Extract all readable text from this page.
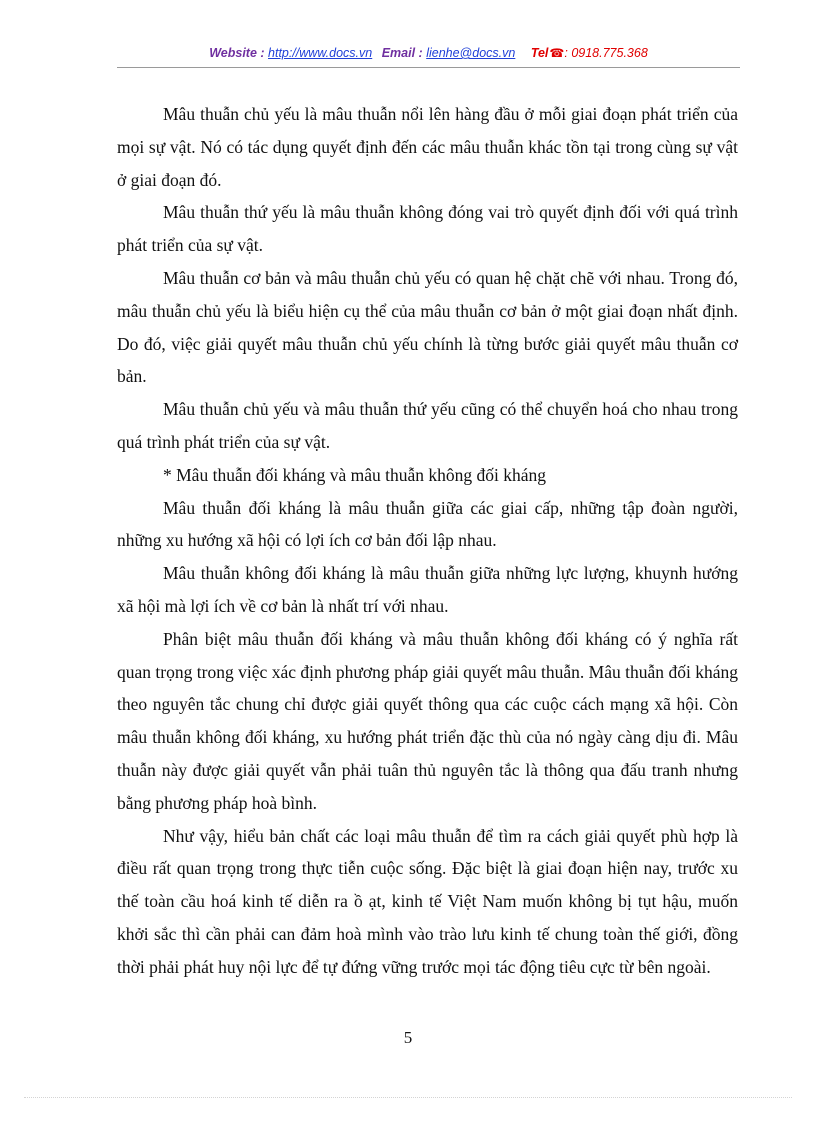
Website : http://www.docs.vn Email : lienhe@docs.vn Tel☎: 0918.775.368

Mâu thuẫn chủ yếu là mâu thuẫn nổi lên hàng đầu ở mỗi giai đoạn phát triển của mọi sự vật. Nó có tác dụng quyết định đến các mâu thuẫn khác tồn tại trong cùng sự vật ở giai đoạn đó.

Mâu thuẫn thứ yếu là mâu thuẫn không đóng vai trò quyết định đối với quá trình phát triển của sự vật.

Mâu thuẫn cơ bản và mâu thuẫn chủ yếu có quan hệ chặt chẽ với nhau. Trong đó, mâu thuẫn chủ yếu là biểu hiện cụ thể của mâu thuẫn cơ bản ở một giai đoạn nhất định. Do đó, việc giải quyết mâu thuẫn chủ yếu chính là từng bước giải quyết mâu thuẫn cơ bản.

Mâu thuẫn chủ yếu và mâu thuẫn thứ yếu cũng có thể chuyển hoá cho nhau trong quá trình phát triển của sự vật.

* Mâu thuẫn đối kháng và mâu thuẫn không đối kháng

Mâu thuẫn đối kháng là mâu thuẫn giữa các giai cấp, những tập đoàn người, những xu hướng xã hội có lợi ích cơ bản đối lập nhau.

Mâu thuẫn không đối kháng là mâu thuẫn giữa những lực lượng, khuynh hướng xã hội mà lợi ích về cơ bản là nhất trí với nhau.

Phân biệt mâu thuẫn đối kháng và mâu thuẫn không đối kháng có ý nghĩa rất quan trọng trong việc xác định phương pháp giải quyết mâu thuẫn. Mâu thuẫn đối kháng theo nguyên tắc chung chỉ được giải quyết thông qua các cuộc cách mạng xã hội. Còn mâu thuẫn không đối kháng, xu hướng phát triển đặc thù của nó ngày càng dịu đi. Mâu thuẫn này được giải quyết vẫn phải tuân thủ nguyên tắc là thông qua đấu tranh nhưng bằng phương pháp hoà bình.

Như vậy, hiểu bản chất các loại mâu thuẫn để tìm ra cách giải quyết phù hợp là điều rất quan trọng trong thực tiễn cuộc sống. Đặc biệt là giai đoạn hiện nay, trước xu thế toàn cầu hoá kinh tế diễn ra ồ ạt, kinh tế Việt Nam muốn không bị tụt hậu, muốn khởi sắc thì cần phải can đảm hoà mình vào trào lưu kinh tế chung toàn thế giới, đồng thời phải phát huy nội lực để tự đứng vững trước mọi tác động tiêu cực từ bên ngoài.

5
